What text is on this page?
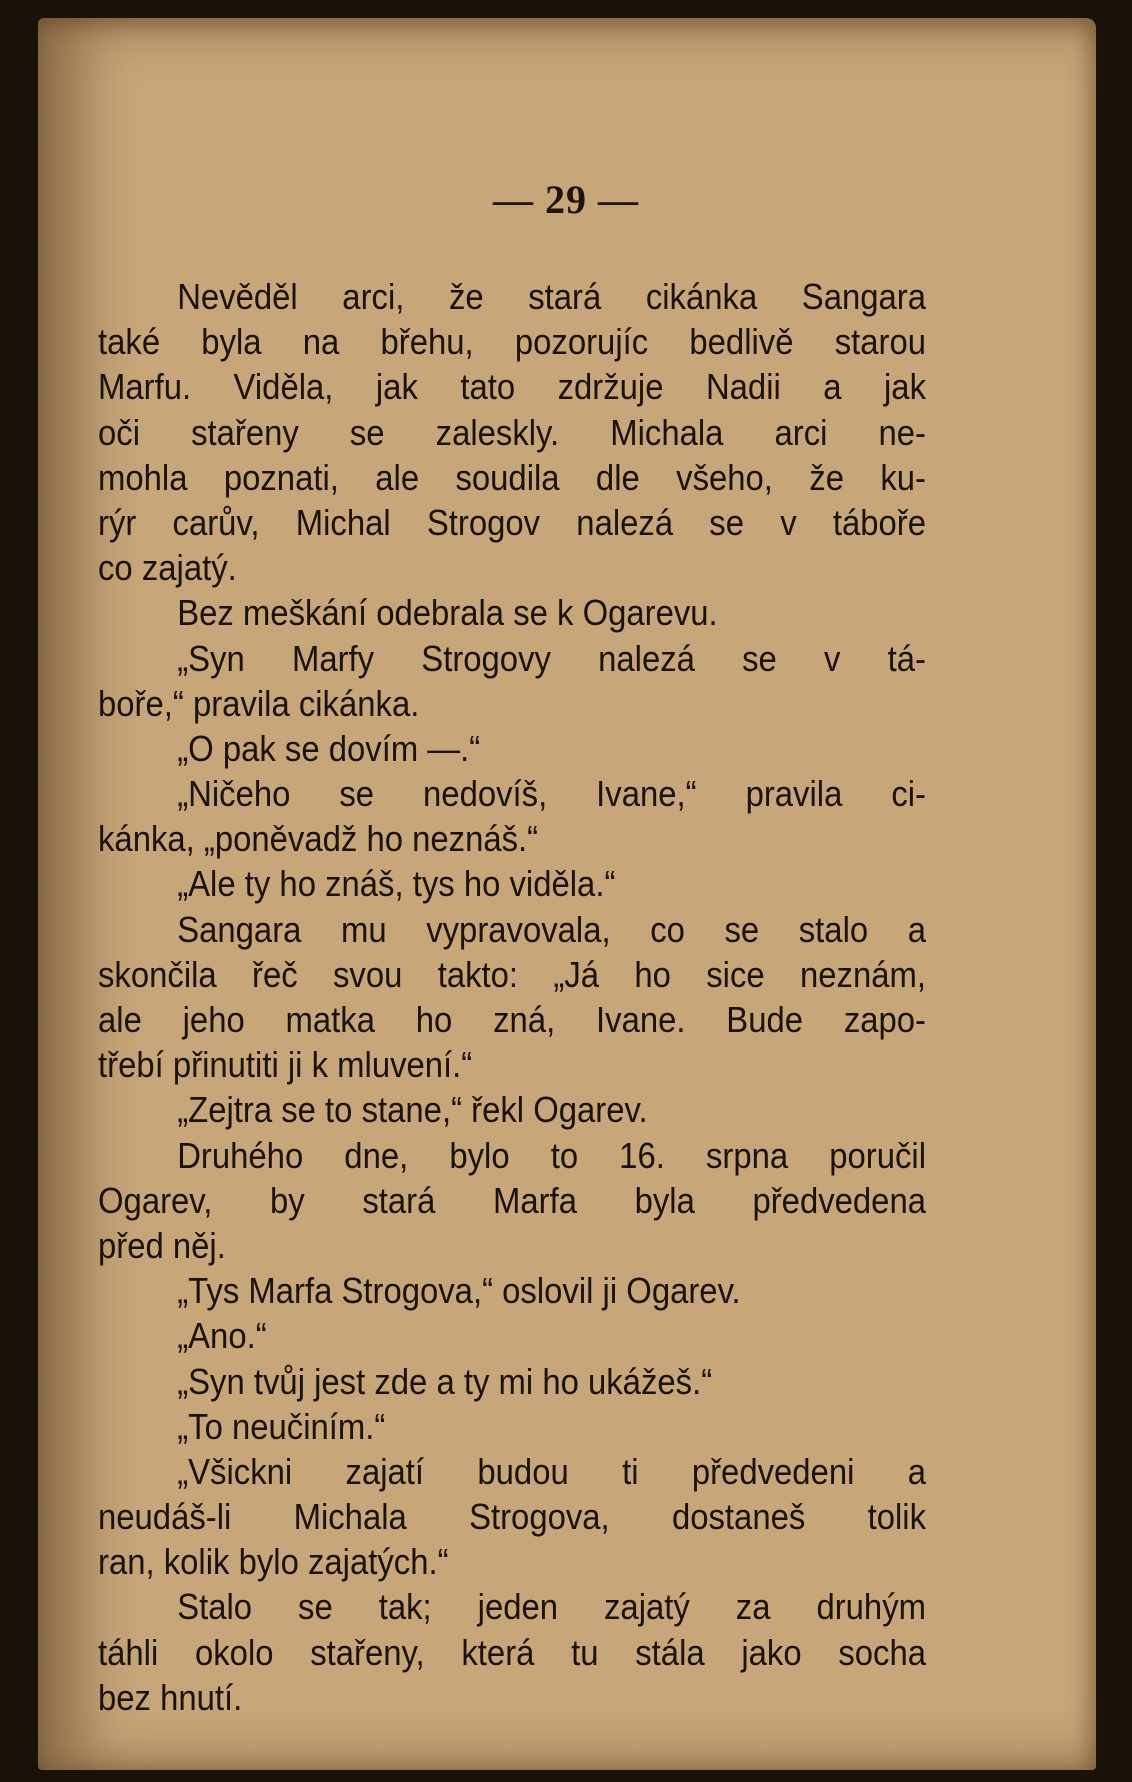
— 29 —
Nevěděl arci, že stará cikánka Sangara
také byla na břehu, pozorujíc bedlivě starou
Marfu. Viděla, jak tato zdržuje Nadii a jak
oči stařeny se zaleskly. Michala arci ne-
mohla poznati, ale soudila dle všeho, že ku-
rýr carův, Michal Strogov nalezá se v táboře
co zajatý.
Bez meškání odebrala se k Ogarevu.
„Syn Marfy Strogovy nalezá se v tá-
boře,“ pravila cikánka.
„O pak se dovím —.“
„Ničeho se nedovíš, Ivane,“ pravila ci-
kánka, „poněvadž ho neznáš.“
„Ale ty ho znáš, tys ho viděla.“
Sangara mu vypravovala, co se stalo a
skončila řeč svou takto: „Já ho sice neznám,
ale jeho matka ho zná, Ivane. Bude zapo-
třebí přinutiti ji k mluvení.“
„Zejtra se to stane,“ řekl Ogarev.
Druhého dne, bylo to 16. srpna poručil
Ogarev, by stará Marfa byla předvedena
před něj.
„Tys Marfa Strogova,“ oslovil ji Ogarev.
„Ano.“
„Syn tvůj jest zde a ty mi ho ukážeš.“
„To neučiním.“
„Všickni zajatí budou ti předvedeni a
neudáš-li Michala Strogova, dostaneš tolik
ran, kolik bylo zajatých.“
Stalo se tak; jeden zajatý za druhým
táhli okolo stařeny, která tu stála jako socha
bez hnutí.
